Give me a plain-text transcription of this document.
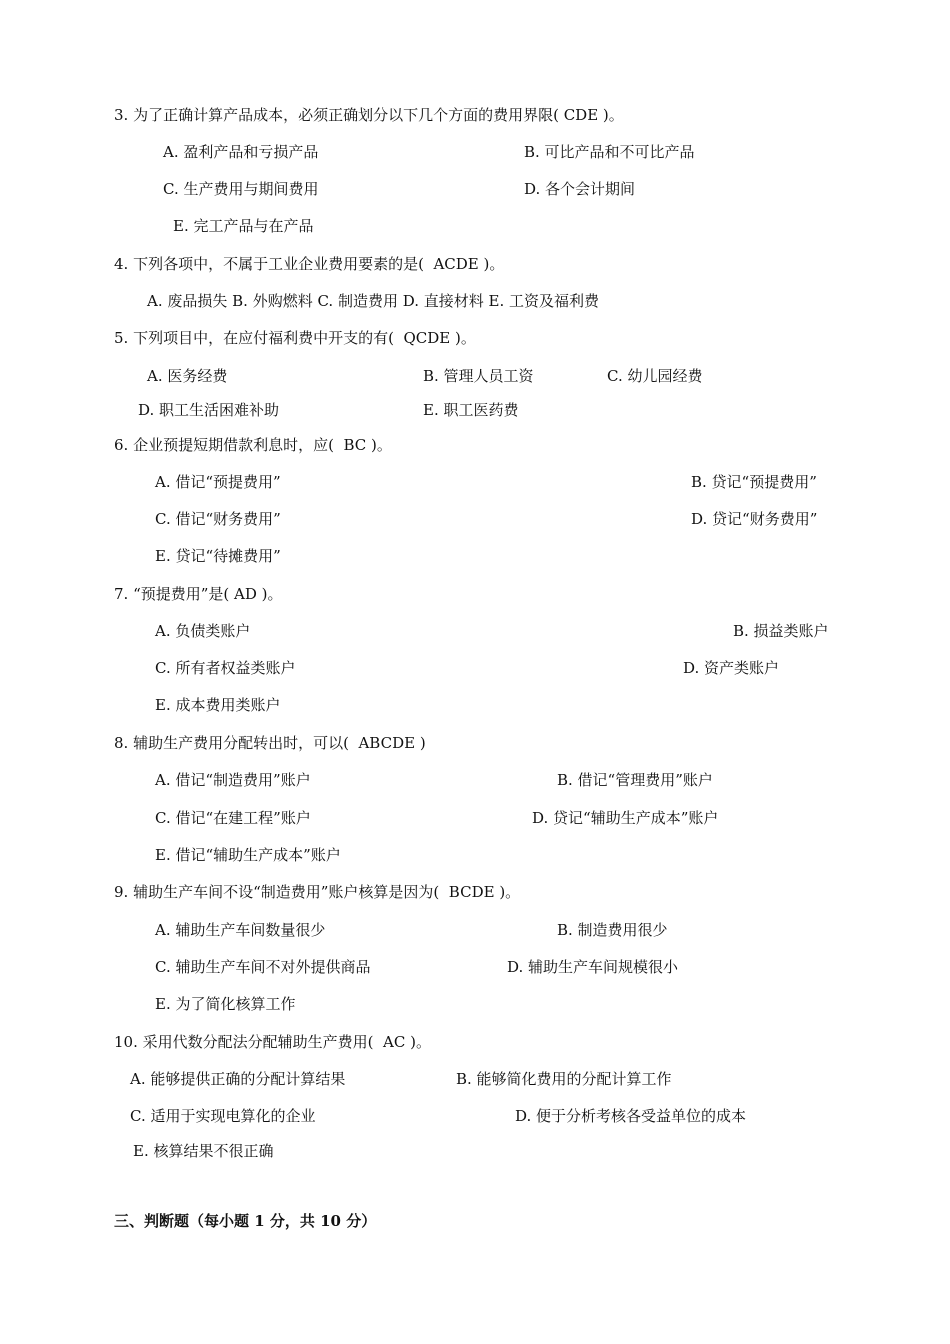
3. 为了正确计算产品成本，必须正确划分以下几个方面的费用界限( CDE )。
A. 盈利产品和亏损产品	B. 可比产品和不可比产品
C. 生产费用与期间费用	D. 各个会计期间
E. 完工产品与在产品
4. 下列各项中，不属于工业企业费用要素的是(  ACDE )。
A. 废品损失 B. 外购燃料 C. 制造费用 D. 直接材料 E. 工资及福利费
5. 下列项目中，在应付福利费中开支的有(  QCDE )。
A. 医务经费	B. 管理人员工资	C. 幼儿园经费
D. 职工生活困难补助	E. 职工医药费
6. 企业预提短期借款利息时，应(  BC )。
A. 借记“预提费用”	B. 贷记“预提费用”
C. 借记“财务费用”	D. 贷记“财务费用”
E. 贷记“待摊费用”
7. “预提费用”是( AD )。
A. 负债类账户	B. 损益类账户
C. 所有者权益类账户	D. 资产类账户
E. 成本费用类账户
8. 辅助生产费用分配转出时，可以(  ABCDE )
A. 借记“制造费用”账户	B. 借记“管理费用”账户
C. 借记“在建工程”账户	D. 贷记“辅助生产成本”账户
E. 借记“辅助生产成本”账户
9. 辅助生产车间不设“制造费用”账户核算是因为(  BCDE )。
A. 辅助生产车间数量很少	B. 制造费用很少
C. 辅助生产车间不对外提供商品	D. 辅助生产车间规模很小
E. 为了简化核算工作
10. 采用代数分配法分配辅助生产费用(  AC )。
A. 能够提供正确的分配计算结果	B. 能够简化费用的分配计算工作
C. 适用于实现电算化的企业	D. 便于分析考核各受益单位的成本
E. 核算结果不很正确
三、判断题（每小题 1 分，共 10 分）
